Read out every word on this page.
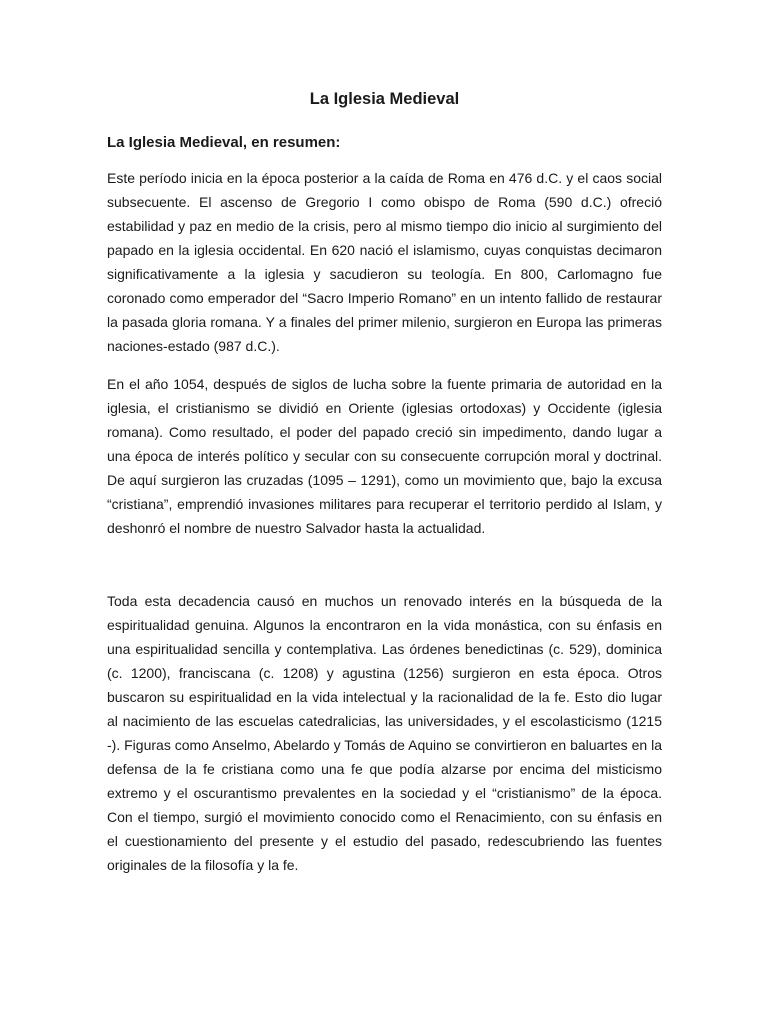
La Iglesia Medieval
La Iglesia Medieval, en resumen:

Este período inicia en la época posterior a la caída de Roma en 476 d.C. y el caos social subsecuente. El ascenso de Gregorio I como obispo de Roma (590 d.C.) ofreció estabilidad y paz en medio de la crisis, pero al mismo tiempo dio inicio al surgimiento del papado en la iglesia occidental. En 620 nació el islamismo, cuyas conquistas decimaron significativamente a la iglesia y sacudieron su teología. En 800, Carlomagno fue coronado como emperador del “Sacro Imperio Romano” en un intento fallido de restaurar la pasada gloria romana. Y a finales del primer milenio, surgieron en Europa las primeras naciones-estado (987 d.C.).

En el año 1054, después de siglos de lucha sobre la fuente primaria de autoridad en la iglesia, el cristianismo se dividió en Oriente (iglesias ortodoxas) y Occidente (iglesia romana). Como resultado, el poder del papado creció sin impedimento, dando lugar a una época de interés político y secular con su consecuente corrupción moral y doctrinal. De aquí surgieron las cruzadas (1095 – 1291), como un movimiento que, bajo la excusa “cristiana”, emprendió invasiones militares para recuperar el territorio perdido al Islam, y deshonró el nombre de nuestro Salvador hasta la actualidad.

Toda esta decadencia causó en muchos un renovado interés en la búsqueda de la espiritualidad genuina. Algunos la encontraron en la vida monástica, con su énfasis en una espiritualidad sencilla y contemplativa. Las órdenes benedictinas (c. 529), dominica (c. 1200), franciscana (c. 1208) y agustina (1256) surgieron en esta época. Otros buscaron su espiritualidad en la vida intelectual y la racionalidad de la fe. Esto dio lugar al nacimiento de las escuelas catedralicias, las universidades, y el escolasticismo (1215 -). Figuras como Anselmo, Abelardo y Tomás de Aquino se convirtieron en baluartes en la defensa de la fe cristiana como una fe que podía alzarse por encima del misticismo extremo y el oscurantismo prevalentes en la sociedad y el “cristianismo” de la época. Con el tiempo, surgió el movimiento conocido como el Renacimiento, con su énfasis en el cuestionamiento del presente y el estudio del pasado, redescubriendo las fuentes originales de la filosofía y la fe.
